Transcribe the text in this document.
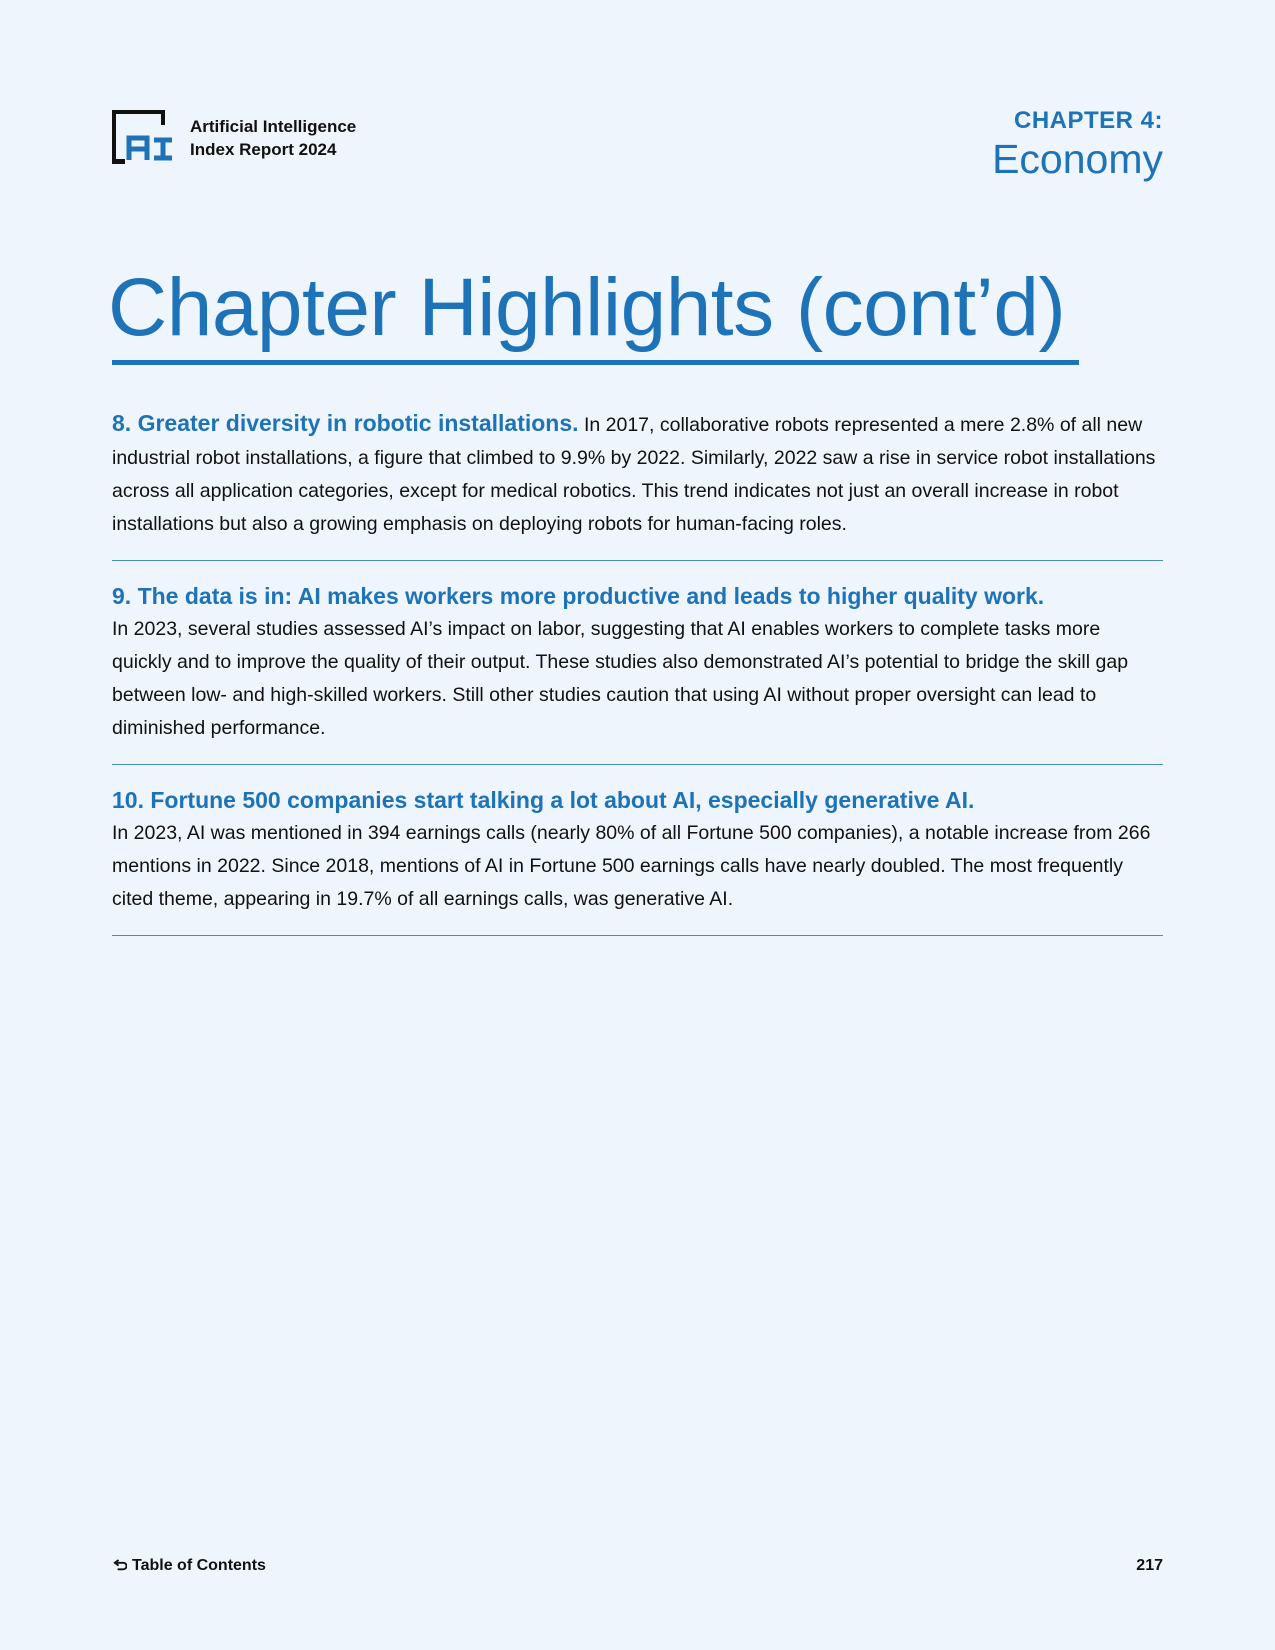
Artificial Intelligence
Index Report 2024
CHAPTER 4:
Economy
Chapter Highlights (cont’d)

8. Greater diversity in robotic installations. In 2017, collaborative robots represented a mere 2.8% of all new industrial robot installations, a figure that climbed to 9.9% by 2022. Similarly, 2022 saw a rise in service robot installations across all application categories, except for medical robotics. This trend indicates not just an overall increase in robot installations but also a growing emphasis on deploying robots for human-facing roles.

9. The data is in: AI makes workers more productive and leads to higher quality work.
In 2023, several studies assessed AI’s impact on labor, suggesting that AI enables workers to complete tasks more quickly and to improve the quality of their output. These studies also demonstrated AI’s potential to bridge the skill gap between low- and high-skilled workers. Still other studies caution that using AI without proper oversight can lead to diminished performance.

10. Fortune 500 companies start talking a lot about AI, especially generative AI.
In 2023, AI was mentioned in 394 earnings calls (nearly 80% of all Fortune 500 companies), a notable increase from 266 mentions in 2022. Since 2018, mentions of AI in Fortune 500 earnings calls have nearly doubled. The most frequently cited theme, appearing in 19.7% of all earnings calls, was generative AI.

Table of Contents	217
